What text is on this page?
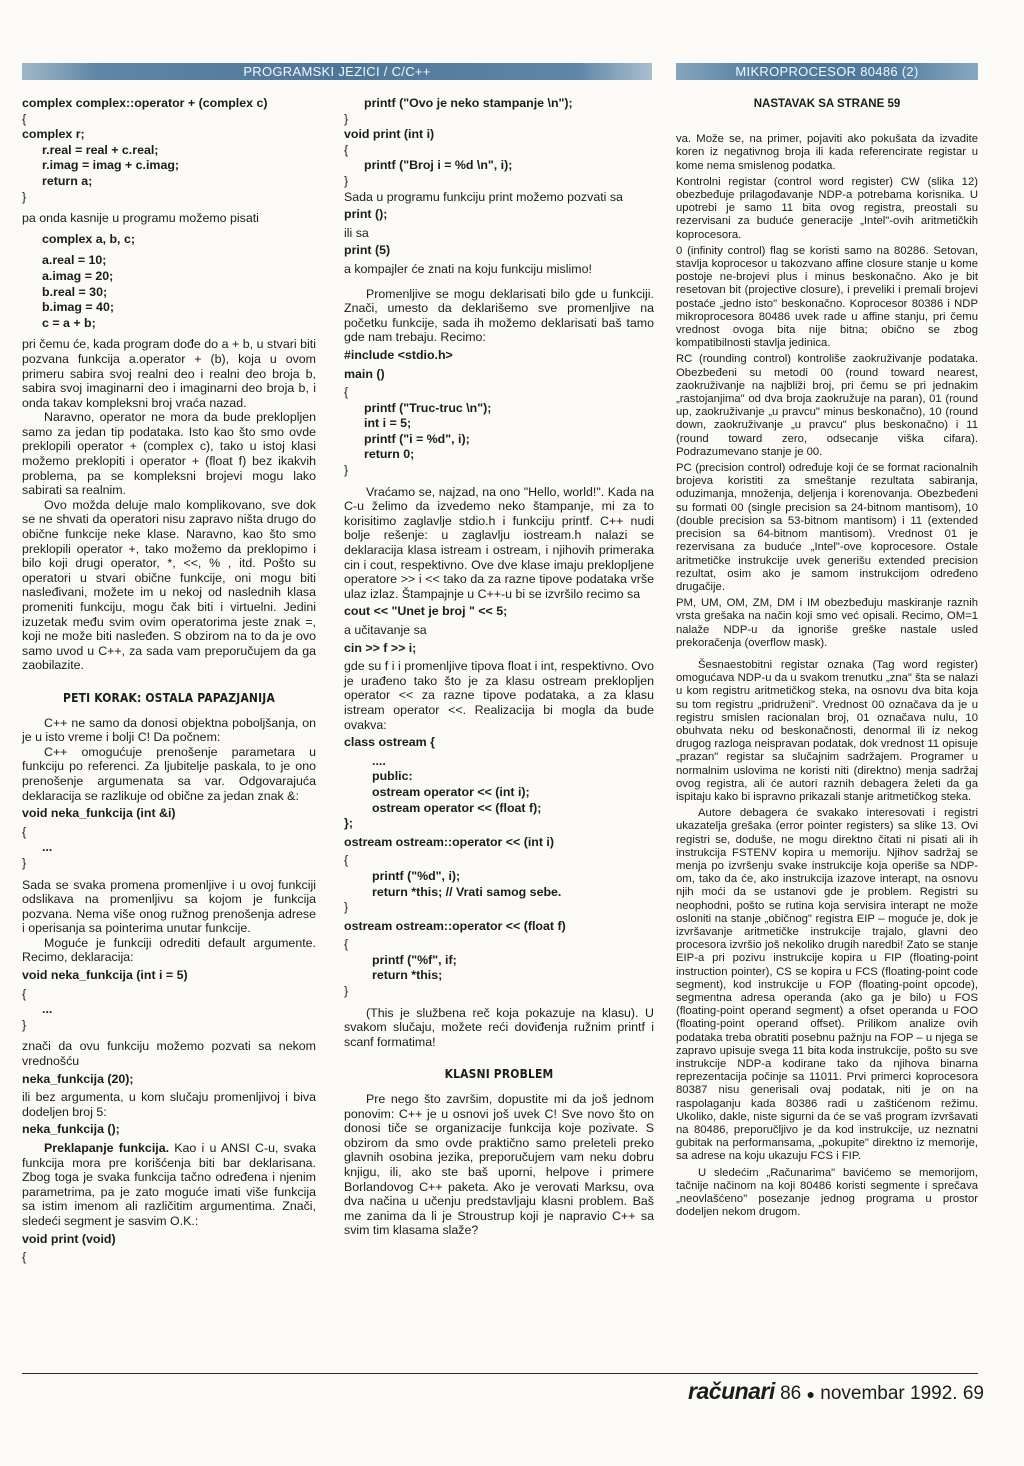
PROGRAMSKI JEZICI / C/C++	MIKROPROCESOR 80486 (2)
complex complex::operator + (complex c)
{
complex r;
r.real = real + c.real;
r.imag = imag + c.imag;
return a;
}

pa onda kasnije u programu možemo pisati

complex a, b, c;
a.real = 10;
a.imag = 20;
b.real = 30;
b.imag = 40;
c = a + b;

pri čemu će, kada program dođe do a + b, u stvari biti pozvana funkcija a.operator + (b), koja u ovom primeru sabira svoj realni deo i realni deo broja b, sabira svoj imaginarni deo i imaginarni deo broja b, i onda takav kompleksni broj vraća nazad.

Naravno, operator ne mora da bude preklopljen samo za jedan tip podataka. Isto kao što smo ovde preklopili operator + (complex c), tako u istoj klasi možemo preklopiti i operator + (float f) bez ikakvih problema, pa se kompleksni brojevi mogu lako sabirati sa realnim.

Ovo možda deluje malo komplikovano, sve dok se ne shvati da operatori nisu zapravo ništa drugo do obične funkcije neke klase. Naravno, kao što smo preklopili operator +, tako možemo da preklopimo i bilo koji drugi operator, *, <<, % , itd. Pošto su operatori u stvari obične funkcije, oni mogu biti nasleđivani, možete im u nekoj od naslednih klasa promeniti funkciju, mogu čak biti i virtuelni. Jedini izuzetak među svim ovim operatorima jeste znak =, koji ne može biti nasleđen. S obzirom na to da je ovo samo uvod u C++, za sada vam preporučujem da ga zaobilazite.

PETI KORAK: OSTALA PAPAZJANIJA

C++ ne samo da donosi objektna poboljšanja, on je u isto vreme i bolji C! Da počnem:

C++ omogućuje prenošenje parametara u funkciju po referenci. Za ljubitelje paskala, to je ono prenošenje argumenata sa var. Odgovarajuća deklaracija se razlikuje od obične za jedan znak &:

void neka_funkcija (int &i)
{
...
}

Sada se svaka promena promenljive i u ovoj funkciji odslikava na promenljivu sa kojom je funkcija pozvana. Nema više onog ružnog prenošenja adrese i operisanja sa pointerima unutar funkcije.

Moguće je funkciji odrediti default argumente. Recimo, deklaracija:

void neka_funkcija (int i = 5)
{
...
}

znači da ovu funkciju možemo pozvati sa nekom vrednošću

neka_funkcija (20);

ili bez argumenta, u kom slučaju promenljivoj i biva dodeljen broj 5:

neka_funkcija ();

Preklapanje funkcija. Kao i u ANSI C-u, svaka funkcija mora pre korišćenja biti bar deklarisana. Zbog toga je svaka funkcija tačno određena i njenim parametrima, pa je zato moguće imati više funkcija sa istim imenom ali različitim argumentima. Znači, sledeći segment je sasvim O.K.:

void print (void)
{
printf ("Ovo je neko stampanje \n");
}
void print (int i)
{
printf ("Broj i = %d \n", i);
}

Sada u programu funkciju print možemo pozvati sa

print ();

ili sa

print (5)

a kompajler će znati na koju funkciju mislimo!

Promenljive se mogu deklarisati bilo gde u funkciji. Znači, umesto da deklarišemo sve promenljive na početku funkcije, sada ih možemo deklarisati baš tamo gde nam trebaju. Recimo:

#include <stdio.h>
main ()
{
printf ("Truc-truc \n");
int i = 5;
printf ("i = %d", i);
return 0;
}

Vraćamo se, najzad, na ono "Hello, world!". Kada na C-u želimo da izvedemo neko štampanje, mi za to korisitimo zaglavlje stdio.h i funkciju printf. C++ nudi bolje rešenje: u zaglavlju iostream.h nalazi se deklaracija klasa istream i ostream, i njihovih primeraka cin i cout, respektivno. Ove dve klase imaju preklopljene operatore >> i << tako da za razne tipove podataka vrše ulaz izlaz. Štampajnje u C++-u bi se izvršilo recimo sa

cout << "Unet je broj " << 5;

a učitavanje sa

cin >> f >> i;

gde su f i i promenljive tipova float i int, respektivno. Ovo je urađeno tako što je za klasu ostream preklopljen operator << za razne tipove podataka, a za klasu istream operator <<. Realizacija bi mogla da bude ovakva:

class ostream {
....
public:
ostream operator << (int i);
ostream operator << (float f);
};
ostream ostream::operator << (int i)
{
printf ("%d", i);
return *this; // Vrati samog sebe.
}
ostream ostream::operator << (float f)
{
printf ("%f", if;
return *this;
}

(This je službena reč koja pokazuje na klasu). U svakom slučaju, možete reći doviđenja ružnim printf i scanf formatima!

KLASNI PROBLEM

Pre nego što završim, dopustite mi da još jednom ponovim: C++ je u osnovi još uvek C! Sve novo što on donosi tiče se organizacije funkcija koje pozivate. S obzirom da smo ovde praktično samo preleteli preko glavnih osobina jezika, preporučujem vam neku dobru knjigu, ili, ako ste baš uporni, helpove i primere Borlandovog C++ paketa. Ako je verovati Marksu, ova dva načina u učenju predstavljaju klasni problem. Baš me zanima da li je Stroustrup koji je napravio C++ sa svim tim klasama slaže?

NASTAVAK SA STRANE 59

va. Može se, na primer, pojaviti ako pokušata da izvadite koren iz negativnog broja ili kada referencirate registar u kome nema smislenog podatka.

Kontrolni registar (control word register) CW (slika 12) obezbeđuje prilagođavanje NDP-a potrebama korisnika. U upotrebi je samo 11 bita ovog registra, preostali su rezervisani za buduće generacije „Intel"-ovih aritmetičkih koprocesora.

0 (infinity control) flag se koristi samo na 80286. Setovan, stavlja koprocesor u takozvano affine closure stanje u kome postoje ne-brojevi plus i minus beskonačno. Ako je bit resetovan bit (projective closure), i preveliki i premali brojevi postaće „jedno isto" beskonačno. Koprocesor 80386 i NDP mikroprocesora 80486 uvek rade u affine stanju, pri čemu vrednost ovoga bita nije bitna; obično se zbog kompatibilnosti stavlja jedinica.

RC (rounding control) kontroliše zaokruživanje podataka. Obezbeđeni su metodi 00 (round toward nearest, zaokruživanje na najbliži broj, pri čemu se pri jednakim „rastojanjima" od dva broja zaokružuje na paran), 01 (round up, zaokruživanje „u pravcu" minus beskonačno), 10 (round down, zaokruživanje „u pravcu" plus beskonačno) i 11 (round toward zero, odsecanje viška cifara). Podrazumevano stanje je 00.

PC (precision control) određuje koji će se format racionalnih brojeva koristiti za smeštanje rezultata sabiranja, oduzimanja, množenja, deljenja i korenovanja. Obezbeđeni su formati 00 (single precision sa 24-bitnom mantisom), 10 (double precision sa 53-bitnom mantisom) i 11 (extended precision sa 64-bitnom mantisom). Vrednost 01 je rezervisana za buduće „Intel"-ove koprocesore. Ostale aritmetičke instrukcije uvek generišu extended precision rezultat, osim ako je samom instrukcijom određeno drugačije.

PM, UM, OM, ZM, DM i IM obezbeđuju maskiranje raznih vrsta grešaka na način koji smo već opisali. Recimo, OM=1 nalaže NDP-u da ignoriše greške nastale usled prekoračenja (overflow mask).

Šesnaestobitni registar oznaka (Tag word register) omogućava NDP-u da u svakom trenutku „zna" šta se nalazi u kom registru aritmetičkog steka, na osnovu dva bita koja su tom registru „pridruženi". Vrednost 00 označava da je u registru smislen racionalan broj, 01 označava nulu, 10 obuhvata neku od beskonačnosti, denormal ili iz nekog drugog razloga neispravan podatak, dok vrednost 11 opisuje „prazan" registar sa slučajnim sadržajem. Programer u normalnim uslovima ne koristi niti (direktno) menja sadržaj ovog registra, ali će autori raznih debagera želeti da ga ispitaju kako bi ispravno prikazali stanje aritmetičkog steka.

Autore debagera će svakako interesovati i registri ukazatelja grešaka (error pointer registers) sa slike 13. Ovi registri se, doduše, ne mogu direktno čitati ni pisati ali ih instrukcija FSTENV kopira u memoriju. Njihov sadržaj se menja po izvršenju svake instrukcije koja operiše sa NDP-om, tako da će, ako instrukcija izazove interapt, na osnovu njih moći da se ustanovi gde je problem. Registri su neophodni, pošto se rutina koja servisira interapt ne može osloniti na stanje „običnog" registra EIP – moguće je, dok je izvršavanje aritmetičke instrukcije trajalo, glavni deo procesora izvršio još nekoliko drugih naredbi! Zato se stanje EIP-a pri pozivu instrukcije kopira u FIP (floating-point instruction pointer), CS se kopira u FCS (floating-point code segment), kod instrukcije u FOP (floating-point opcode), segmentna adresa operanda (ako ga je bilo) u FOS (floating-point operand segment) a ofset operanda u FOO (floating-point operand offset). Prilikom analize ovih podataka treba obratiti posebnu pažnju na FOP – u njega se zapravo upisuje svega 11 bita koda instrukcije, pošto su sve instrukcije NDP-a kodirane tako da njihova binarna reprezentacija počinje sa 11011. Prvi primerci koprocesora 80387 nisu generisali ovaj podatak, niti je on na raspolaganju kada 80386 radi u zaštićenom režimu. Ukoliko, dakle, niste sigurni da će se vaš program izvršavati na 80486, preporučljivo je da kod instrukcije, uz neznatni gubitak na performansama, „pokupite" direktno iz memorije, sa adrese na koju ukazuju FCS i FIP.

U sledećim „Računarima" bavićemo se memorijom, tačnije načinom na koji 80486 koristi segmente i sprečava „neovlašćeno" posezanje jednog programa u prostor dodeljen nekom drugom.

računari 86 ● novembar 1992. 69
